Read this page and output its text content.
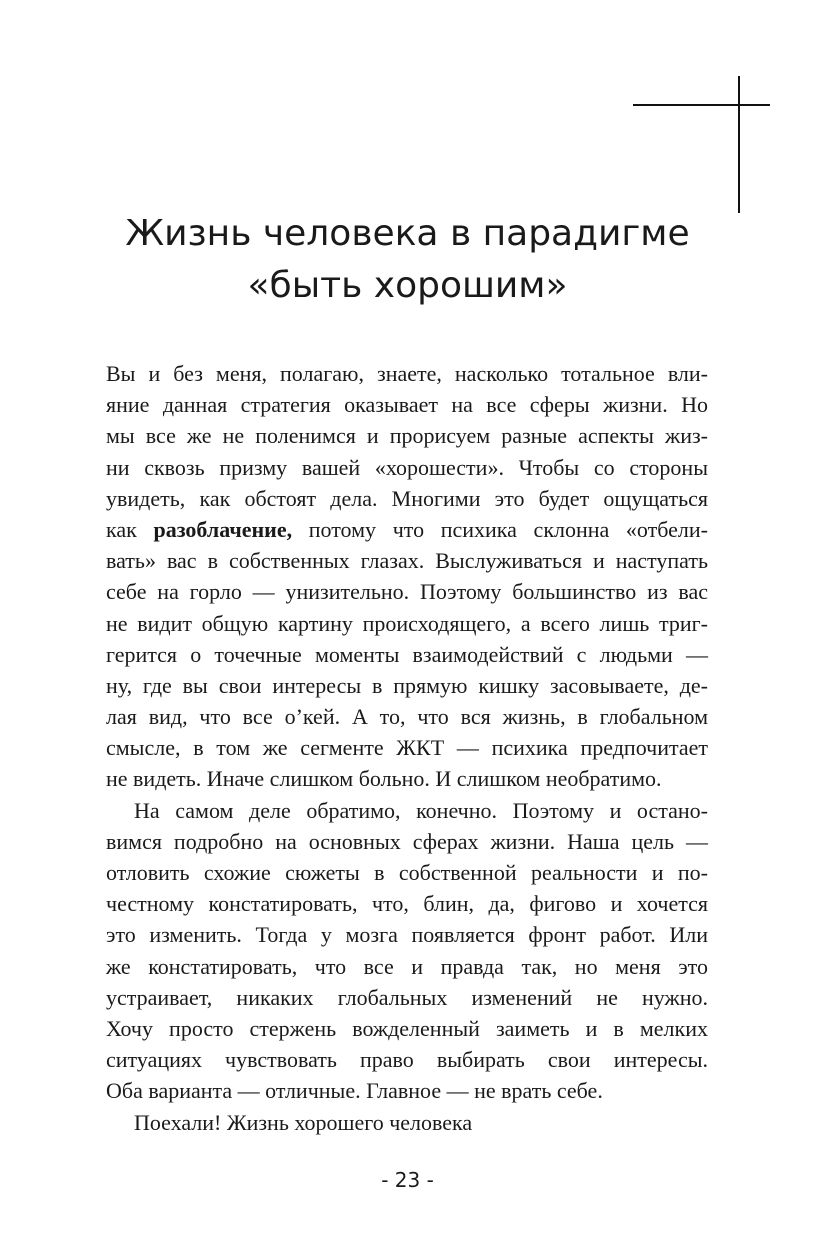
Жизнь человека в парадигме
«быть хорошим»
Вы и без меня, полагаю, знаете, насколько тотальное вли-
яние данная стратегия оказывает на все сферы жизни. Но
мы все же не поленимся и прорисуем разные аспекты жиз-
ни сквозь призму вашей «хорошести». Чтобы со стороны
увидеть, как обстоят дела. Многими это будет ощущаться
как разоблачение, потому что психика склонна «отбели-
вать» вас в собственных глазах. Выслуживаться и наступать
себе на горло — унизительно. Поэтому большинство из вас
не видит общую картину происходящего, а всего лишь триг-
герится о точечные моменты взаимодействий с людьми —
ну, где вы свои интересы в прямую кишку засовываете, де-
лая вид, что все о’кей. А то, что вся жизнь, в глобальном
смысле, в том же сегменте ЖКТ — психика предпочитает
не видеть. Иначе слишком больно. И слишком необратимо.
На самом деле обратимо, конечно. Поэтому и остано-
вимся подробно на основных сферах жизни. Наша цель —
отловить схожие сюжеты в собственной реальности и по-
честному констатировать, что, блин, да, фигово и хочется
это изменить. Тогда у мозга появляется фронт работ. Или
же констатировать, что все и правда так, но меня это
устраивает, никаких глобальных изменений не нужно.
Хочу просто стержень вожделенный заиметь и в мелких
ситуациях чувствовать право выбирать свои интересы.
Оба варианта — отличные. Главное — не врать себе.
Поехали! Жизнь хорошего человека
- 23 -
